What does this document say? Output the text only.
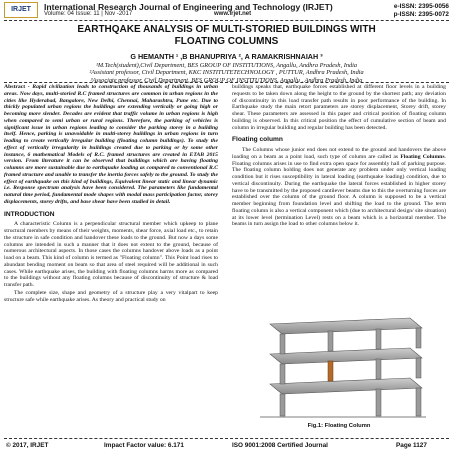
IRJET	International Research Journal of Engineering and Technology (IRJET)
Volume: 04 Issue: 11 | Nov -2017	www.irjet.net
e-ISSN: 2395-0056
p-ISSN: 2395-0072
EARTHQAKE ANALYSIS OF MULTI-STORIED BUILDINGS WITH
FLOATING COLUMNS
G HEMANTH ¹ ,B BHANUPRIYA ², A RAMAKRISHNAIAH ³
¹M.Tech(student),Civil Department, BES GROUP OF INSTITUTIONS, Angallu, Andhra Pradesh, India
²Assistant professor, Civil Department, KKC INSTITUTETECHNOLOGY , PUTTUR, Andhra Pradesh, India
³Associate professor, Civil Department, BES GROUP OF INSTITUTIONS, Angallu , Andhra Pradesh, India

Abstract - Rapid civilization leads to construction of thousands of buildings in urban areas. Now days, multi-storied R.C framed structures are common in urban regions in the cities like Hyderabad, Bangalore, New Delhi, Chennai, Maharashtra, Pune etc. Due to thickly populated urban regions the buildings are extending vertically or going high or becoming more slender. Decades are evident that traffic volume in urban regions is high when compared to semi urban or rural regions. Therefore, the parking of vehicles is significant issue in urban regions leading to consider the parking storey in a building itself. Hence, parking is unavoidable in multi-storey buildings in urban regions in turn leading to create vertically irregular building (floating column buildings). To study the effect of vertically irregularity in buildings created due to parking or by some other instance, 6 mathematical Models of R.C. framed structures are created in ETAB 2015 version. From literature it can be observed that buildings which are having floating columns are more sustainable due to earthquake loading as compared to conventional R.C framed structure and unable to transfer the inertia forces safely to the ground. To study the effect of earthquake on this kind of buildings, Equivalent linear static and linear dynamic i.e. Response spectrum analysis have been considered. The parameters like fundamental natural time period, fundamental mode shapes with modal mass participation factor, storey displacements, storey drifts, and base shear have been studied in detail.

INTRODUCTION

A characteristic Column is a perpendicular structural member which upkeep to plane structural members by means of their weights, moments, shear force, axial load etc., to retain the structure in safe condition and handover these loads to the ground. But now a days some columns are intended in such a manner that it does not extent to the ground, because of numerous architectural aspects. In those cases the columns handover above loads as a point load on a beam. This kind of column is termed as "Floating column". This Point load rises to abundant bending moment on beam so that area of steel required will be additional in such cases. While earthquake arises, the building with floating columns harms more as compared to the buildings without any floating columns because of discontinuity of structure & load transfer path.

The complete size, shape and geometry of a structure play a very vitalpart to keep structure safe while earthquake arises. As theory and practical study on

buildings speaks that, earthquake forces established at different floor levels in a building requests to be taken down along the height to the ground by the shortest path; any deviation of discontinuity in this load transfer path results in poor performance of the building. In Earthquake study the main retort parameters are storey displacement, Storey drift, storey shear. These parameters are assessed in this paper and critical position of floating column building is observed. In this critical position the effect of cumulative section of beam and column in irregular building and regular building has been detected.

Floating column

The Columns whose junior end does not extend to the ground and handovers the above loading on a beam as a point load, such type of column are called as Floating Columns. Floating columns arises in use to find extra open space for assembly hall of parking purpose. The floating column holding does not generate any problem under only vertical loading condition but it rises susceptibility in lateral loading (earthquake loading) condition, due to vertical discontinuity. During the earthquake the lateral forces established in higher storey have to be transmitted by the proposed cantilever beams due to this the overturning forces are established over the column of the ground floor. A column is supposed to be a vertical member beginning from foundation level and shifting the load to the ground. The term floating column is also a vertical component which (due to architectural design/ site situation) at its lower level (termination Level) rests on a beam which is a horizontal member. The beams in turn assign the load to other columns below it.

Fig.1: Floating Column
© 2017, IRJET	Impact Factor value: 6.171	ISO 9001:2008 Certified Journal	Page 1127
